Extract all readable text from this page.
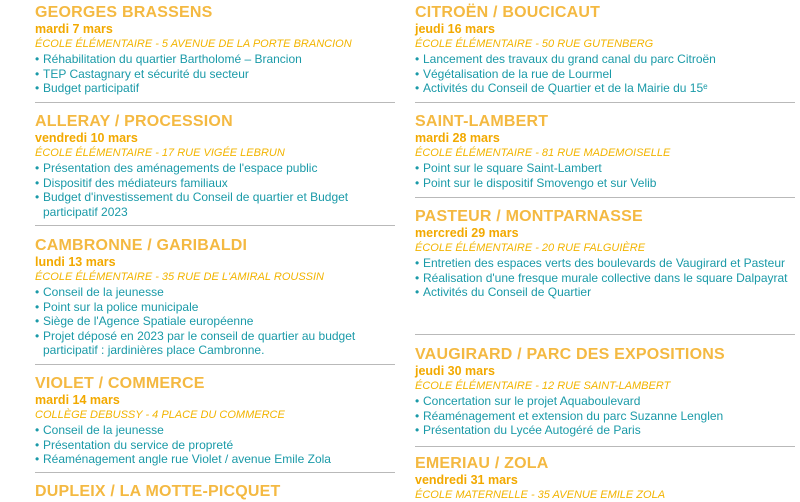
GEORGES BRASSENS

mardi 7 mars

ÉCOLE ÉLÉMENTAIRE - 5 AVENUE DE LA PORTE BRANCION

• Réhabilitation du quartier Bartholomé – Brancion
• TEP Castagnary et sécurité du secteur
• Budget participatif

ALLERAY / PROCESSION

vendredi 10 mars

ÉCOLE ÉLÉMENTAIRE - 17 RUE VIGÉE LEBRUN

• Présentation des aménagements de l'espace public
• Dispositif des médiateurs familiaux
• Budget d'investissement du Conseil de quartier et Budget participatif 2023

CAMBRONNE / GARIBALDI

lundi 13 mars

ÉCOLE ÉLÉMENTAIRE - 35 RUE DE L'AMIRAL ROUSSIN

• Conseil de la jeunesse
• Point sur la police municipale
• Siège de l'Agence Spatiale européenne
• Projet déposé en 2023 par le conseil de quartier au budget participatif : jardinières place Cambronne.

VIOLET / COMMERCE

mardi 14 mars

COLLÈGE DEBUSSY - 4 PLACE DU COMMERCE

• Conseil de la jeunesse
• Présentation du service de propreté
• Réaménagement angle rue Violet / avenue Emile Zola

DUPLEIX / LA MOTTE-PICQUET

CITROËN / BOUCICAUT

jeudi 16 mars

ÉCOLE ÉLÉMENTAIRE - 50 RUE GUTENBERG

• Lancement des travaux du grand canal du parc Citroën
• Végétalisation de la rue de Lourmel
• Activités du Conseil de Quartier et de la Mairie du 15ᵉ

SAINT-LAMBERT

mardi 28 mars

ÉCOLE ÉLÉMENTAIRE - 81 RUE MADEMOISELLE

• Point sur le square Saint-Lambert
• Point sur le dispositif Smovengo et sur Velib

PASTEUR / MONTPARNASSE

mercredi 29 mars

ÉCOLE ÉLÉMENTAIRE - 20 RUE FALGUIÈRE

• Entretien des espaces verts des boulevards de Vaugirard et Pasteur
• Réalisation d'une fresque murale collective dans le square Dalpayrat
• Activités du Conseil de Quartier

VAUGIRARD / PARC DES EXPOSITIONS

jeudi 30 mars

ÉCOLE ÉLÉMENTAIRE - 12 RUE SAINT-LAMBERT

• Concertation sur le projet Aquaboulevard
• Réaménagement et extension du parc Suzanne Lenglen
• Présentation du Lycée Autogéré de Paris

EMERIAU / ZOLA

vendredi 31 mars

ÉCOLE MATERNELLE - 35 AVENUE EMILE ZOLA
